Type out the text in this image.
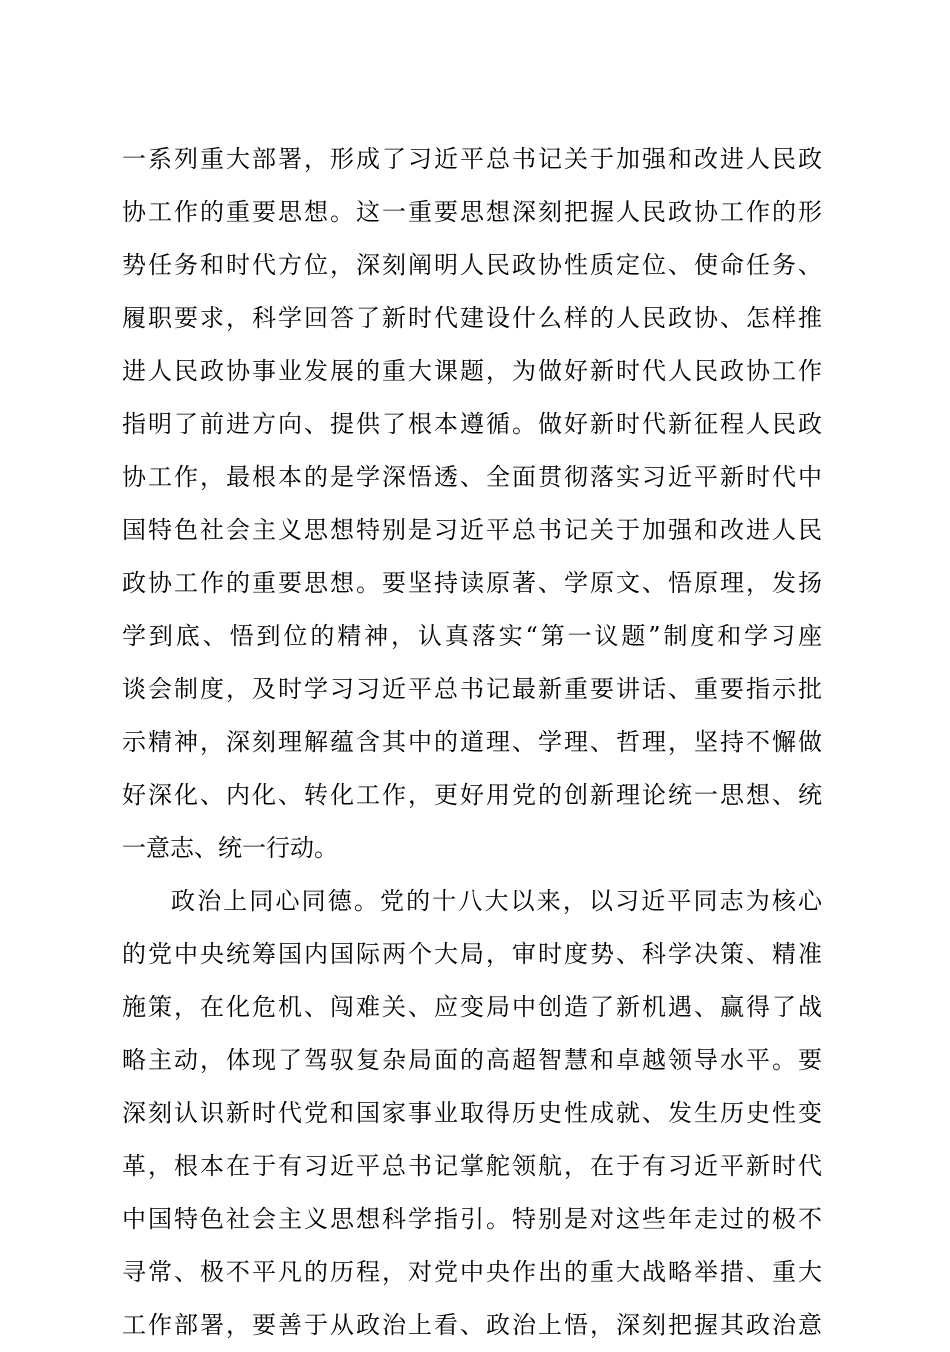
一系列重大部署，形成了习近平总书记关于加强和改进人民政
协工作的重要思想。这一重要思想深刻把握人民政协工作的形
势任务和时代方位，深刻阐明人民政协性质定位、使命任务、
履职要求，科学回答了新时代建设什么样的人民政协、怎样推
进人民政协事业发展的重大课题，为做好新时代人民政协工作
指明了前进方向、提供了根本遵循。做好新时代新征程人民政
协工作，最根本的是学深悟透、全面贯彻落实习近平新时代中
国特色社会主义思想特别是习近平总书记关于加强和改进人民
政协工作的重要思想。要坚持读原著、学原文、悟原理，发扬
学到底、悟到位的精神，认真落实“第一议题”制度和学习座
谈会制度，及时学习习近平总书记最新重要讲话、重要指示批
示精神，深刻理解蕴含其中的道理、学理、哲理，坚持不懈做
好深化、内化、转化工作，更好用党的创新理论统一思想、统
一意志、统一行动。
政治上同心同德。党的十八大以来，以习近平同志为核心
的党中央统筹国内国际两个大局，审时度势、科学决策、精准
施策，在化危机、闯难关、应变局中创造了新机遇、赢得了战
略主动，体现了驾驭复杂局面的高超智慧和卓越领导水平。要
深刻认识新时代党和国家事业取得历史性成就、发生历史性变
革，根本在于有习近平总书记掌舵领航，在于有习近平新时代
中国特色社会主义思想科学指引。特别是对这些年走过的极不
寻常、极不平凡的历程，对党中央作出的重大战略举措、重大
工作部署，要善于从政治上看、政治上悟，深刻把握其政治意
